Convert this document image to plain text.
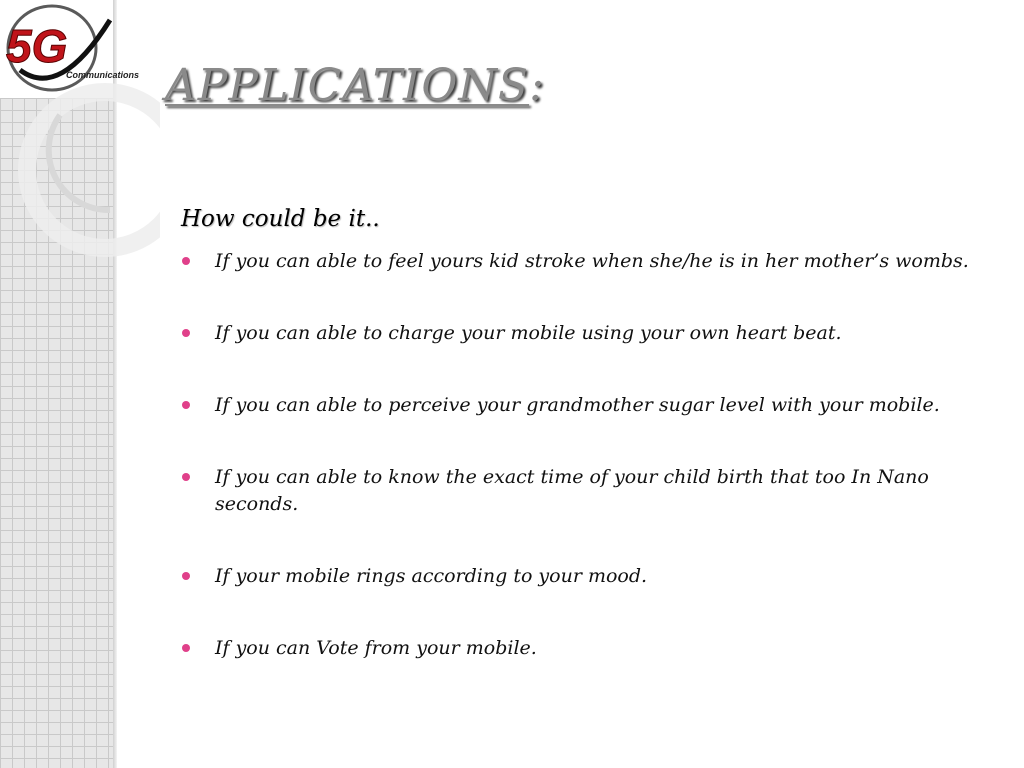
5G
Communications APPLICATIONS:
How could be it..
If you can able to feel yours kid stroke when she/he is in her mother’s wombs.
If you can able to charge your mobile using your own heart beat.
If you can able to perceive your grandmother sugar level with your mobile.
If you can able to know the exact time of your child birth that too In Nano seconds.
If your mobile rings according to your mood.
If you can Vote from your mobile.
